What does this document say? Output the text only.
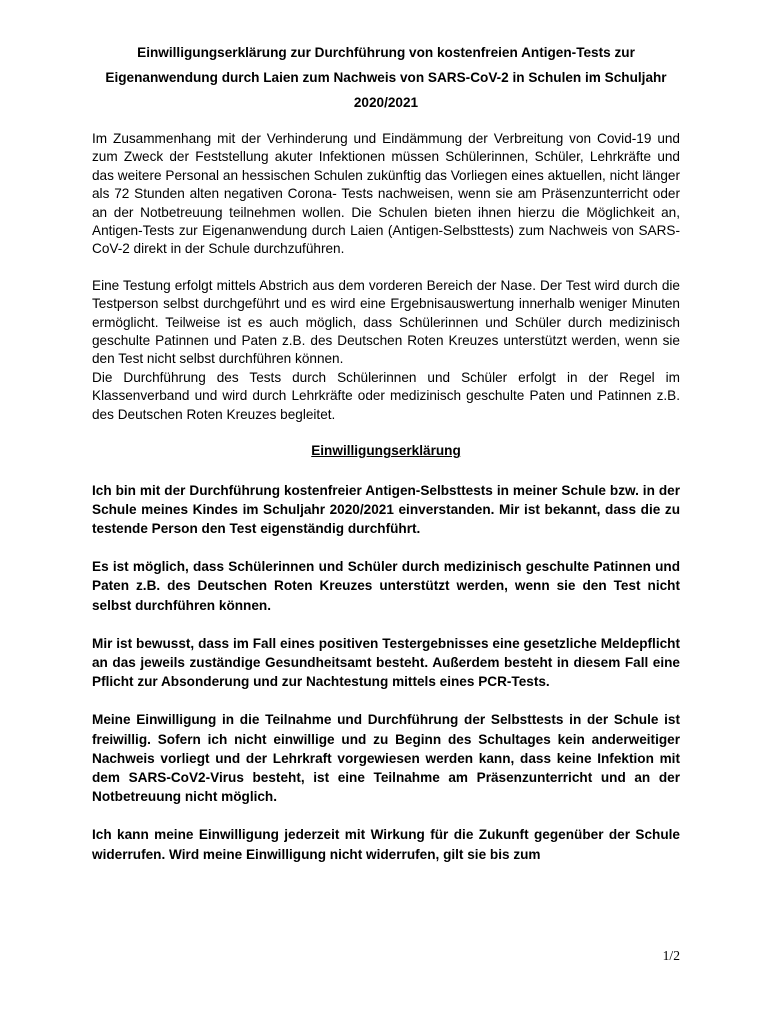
Einwilligungserklärung zur Durchführung von kostenfreien Antigen-Tests zur Eigenanwendung durch Laien zum Nachweis von SARS-CoV-2 in Schulen im Schuljahr 2020/2021

Im Zusammenhang mit der Verhinderung und Eindämmung der Verbreitung von Covid-19 und zum Zweck der Feststellung akuter Infektionen müssen Schülerinnen, Schüler, Lehrkräfte und das weitere Personal an hessischen Schulen zukünftig das Vorliegen eines aktuellen, nicht länger als 72 Stunden alten negativen Corona- Tests nachweisen, wenn sie am Präsenzunterricht oder an der Notbetreuung teilnehmen wollen. Die Schulen bieten ihnen hierzu die Möglichkeit an, Antigen-Tests zur Eigenanwendung durch Laien (Antigen-Selbsttests) zum Nachweis von SARS-CoV-2 direkt in der Schule durchzuführen.

Eine Testung erfolgt mittels Abstrich aus dem vorderen Bereich der Nase. Der Test wird durch die Testperson selbst durchgeführt und es wird eine Ergebnisauswertung innerhalb weniger Minuten ermöglicht. Teilweise ist es auch möglich, dass Schülerinnen und Schüler durch medizinisch geschulte Patinnen und Paten z.B. des Deutschen Roten Kreuzes unterstützt werden, wenn sie den Test nicht selbst durchführen können.

Die Durchführung des Tests durch Schülerinnen und Schüler erfolgt in der Regel im Klassenverband und wird durch Lehrkräfte oder medizinisch geschulte Paten und Patinnen z.B. des Deutschen Roten Kreuzes begleitet.

Einwilligungserklärung

Ich bin mit der Durchführung kostenfreier Antigen-Selbsttests in meiner Schule bzw. in der Schule meines Kindes im Schuljahr 2020/2021 einverstanden. Mir ist bekannt, dass die zu testende Person den Test eigenständig durchführt.

Es ist möglich, dass Schülerinnen und Schüler durch medizinisch geschulte Patinnen und Paten z.B. des Deutschen Roten Kreuzes unterstützt werden, wenn sie den Test nicht selbst durchführen können.

Mir ist bewusst, dass im Fall eines positiven Testergebnisses eine gesetzliche Meldepflicht an das jeweils zuständige Gesundheitsamt besteht. Außerdem besteht in diesem Fall eine Pflicht zur Absonderung und zur Nachtestung mittels eines PCR-Tests.

Meine Einwilligung in die Teilnahme und Durchführung der Selbsttests in der Schule ist freiwillig. Sofern ich nicht einwillige und zu Beginn des Schultages kein anderweitiger Nachweis vorliegt und der Lehrkraft vorgewiesen werden kann, dass keine Infektion mit dem SARS-CoV2-Virus besteht, ist eine Teilnahme am Präsenzunterricht und an der Notbetreuung nicht möglich.

Ich kann meine Einwilligung jederzeit mit Wirkung für die Zukunft gegenüber der Schule widerrufen. Wird meine Einwilligung nicht widerrufen, gilt sie bis zum

1/2
